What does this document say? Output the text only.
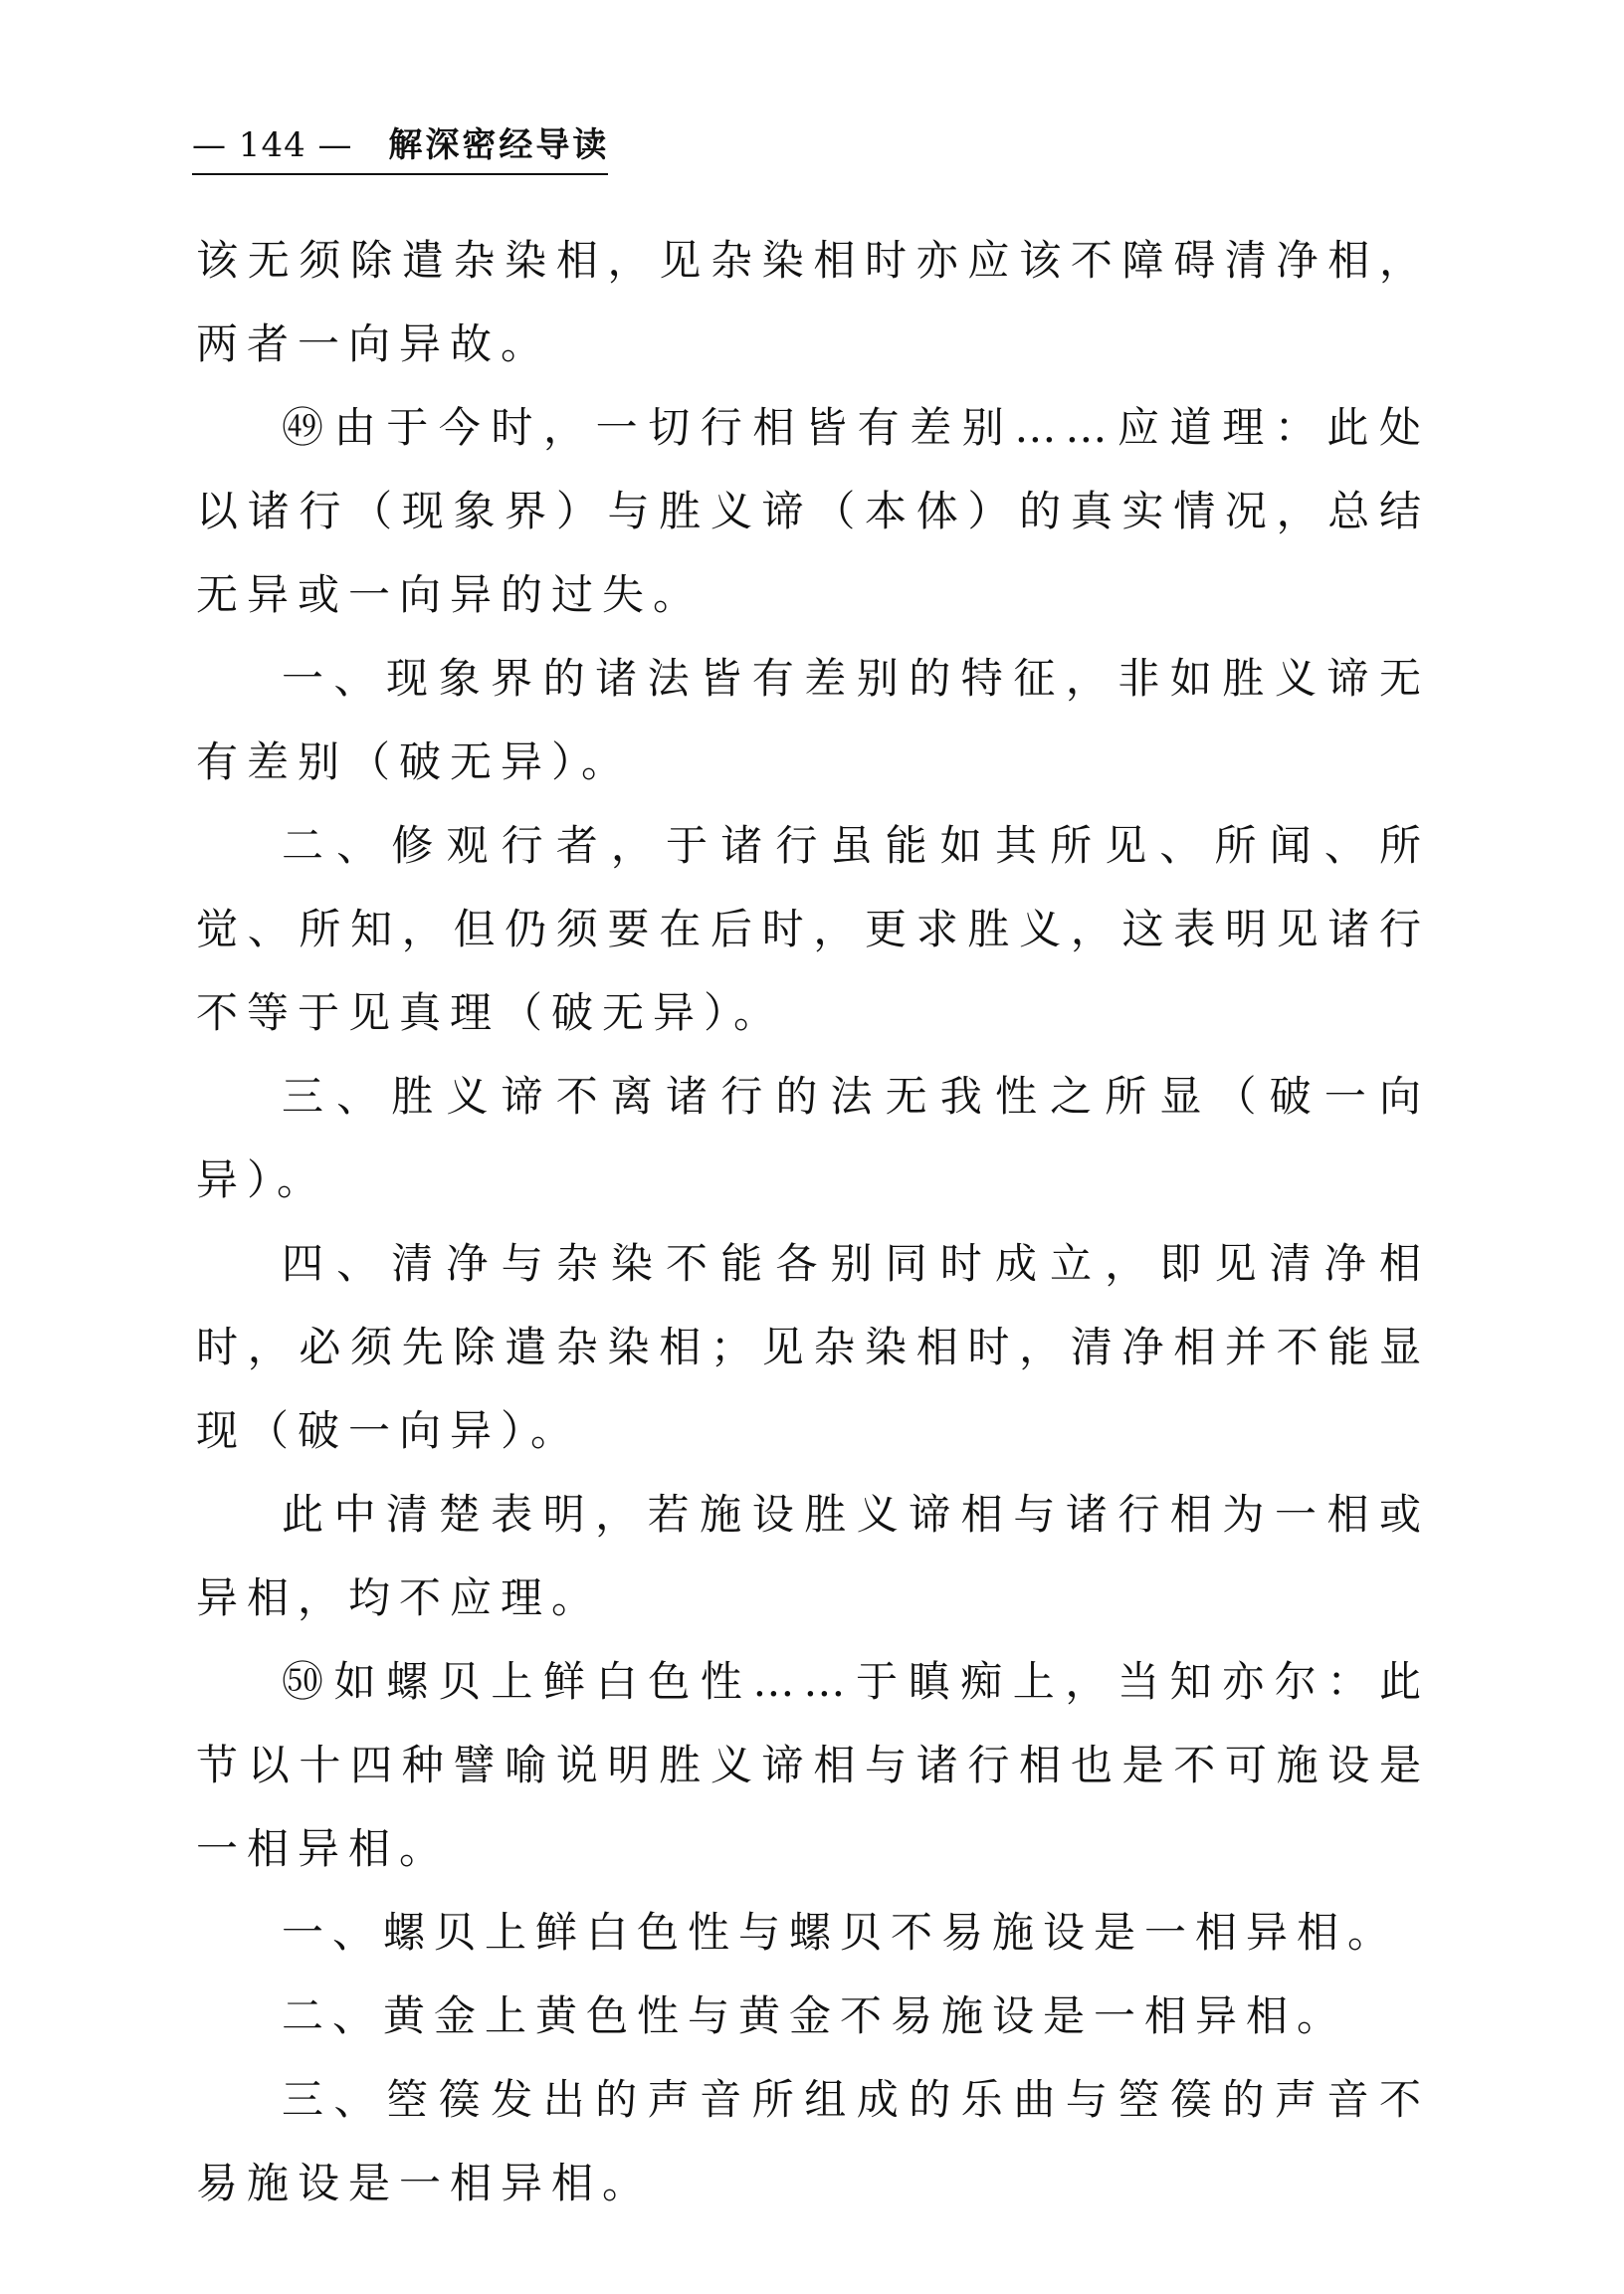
— 144 — 解深密经导读

该无须除遣杂染相，见杂染相时亦应该不障碍清净相，两者一向异故。

㊾由于今时，一切行相皆有差别……应道理：此处以诸行（现象界）与胜义谛（本体）的真实情况，总结无异或一向异的过失。

一、现象界的诸法皆有差别的特征，非如胜义谛无有差别（破无异）。

二、修观行者，于诸行虽能如其所见、所闻、所觉、所知，但仍须要在后时，更求胜义，这表明见诸行不等于见真理（破无异）。

三、胜义谛不离诸行的法无我性之所显（破一向异）。

四、清净与杂染不能各别同时成立，即见清净相时，必须先除遣杂染相；见杂染相时，清净相并不能显现（破一向异）。

此中清楚表明，若施设胜义谛相与诸行相为一相或异相，均不应理。

㊿如螺贝上鲜白色性……于瞋痴上，当知亦尔：此节以十四种譬喻说明胜义谛相与诸行相也是不可施设是一相异相。

一、螺贝上鲜白色性与螺贝不易施设是一相异相。

二、黄金上黄色性与黄金不易施设是一相异相。

三、箜篌发出的声音所组成的乐曲与箜篌的声音不易施设是一相异相。
